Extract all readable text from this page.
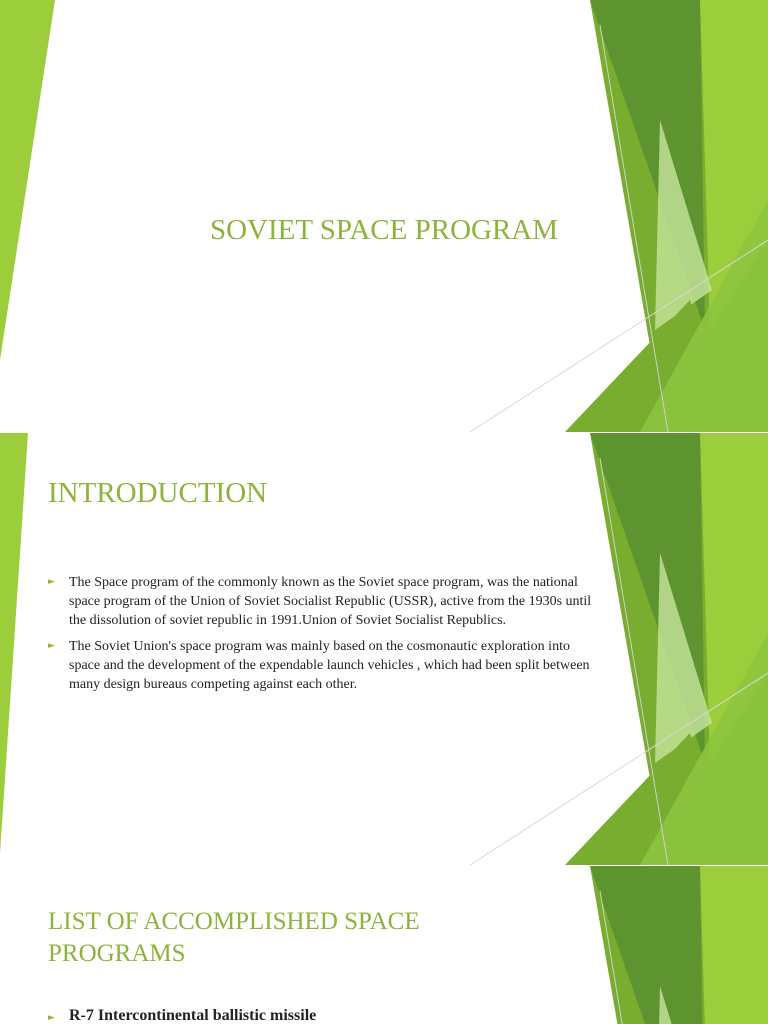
SOVIET SPACE PROGRAM
INTRODUCTION
► The Space program of the commonly known as the Soviet space program, was the national space program of the Union of Soviet Socialist Republic (USSR), active from the 1930s until the dissolution of soviet republic in 1991.Union of Soviet Socialist Republics.
► The Soviet Union's space program was mainly based on the cosmonautic exploration into space and the development of the expendable launch vehicles , which had been split between many design bureaus competing against each other.
LIST OF ACCOMPLISHED SPACE PROGRAMS
► R-7 Intercontinental ballistic missile
